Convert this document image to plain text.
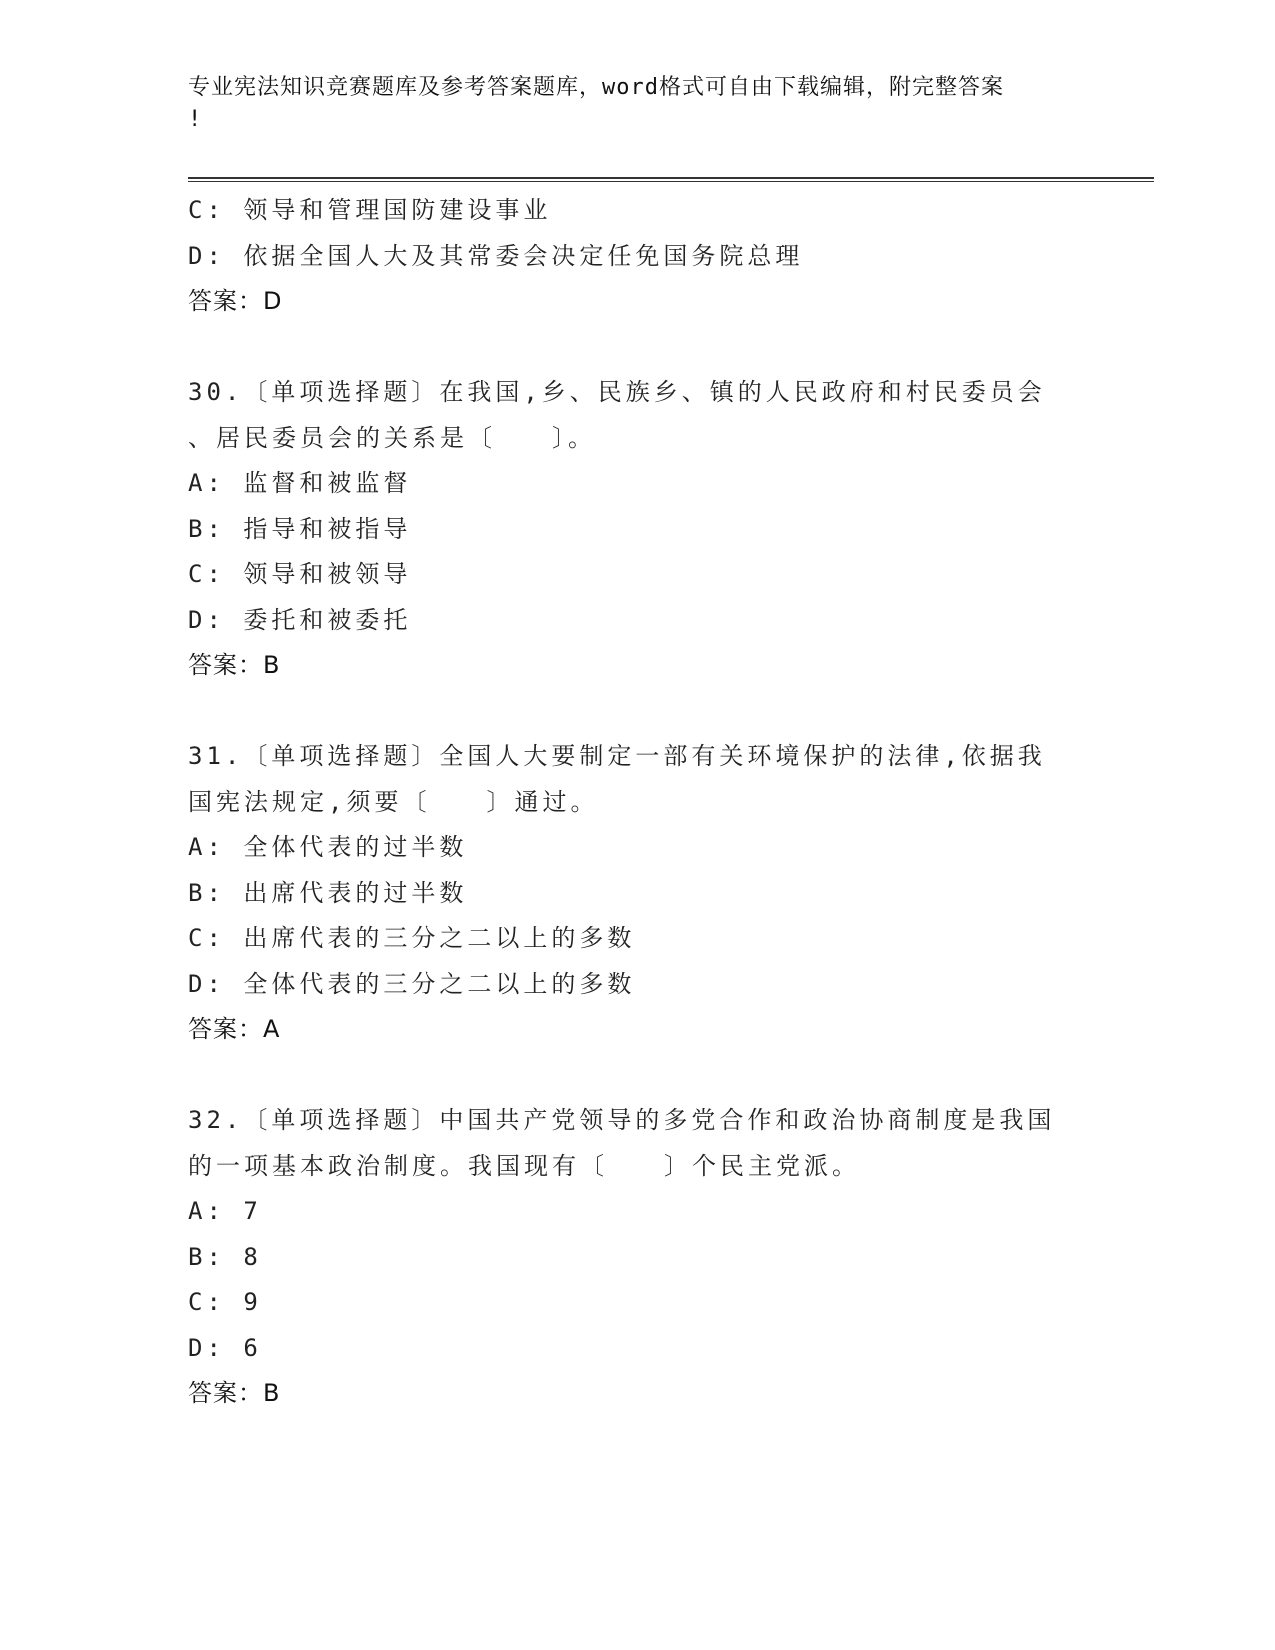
专业宪法知识竞赛题库及参考答案题库，word格式可自由下载编辑，附完整答案
!
C: 领导和管理国防建设事业
D: 依据全国人大及其常委会决定任免国务院总理
答案：D
30.〔单项选择题〕在我国,乡、民族乡、镇的人民政府和村民委员会
、居民委员会的关系是〔　　〕。
A: 监督和被监督
B: 指导和被指导
C: 领导和被领导
D: 委托和被委托
答案：B
31.〔单项选择题〕全国人大要制定一部有关环境保护的法律,依据我
国宪法规定,须要〔　　〕通过。
A: 全体代表的过半数
B: 出席代表的过半数
C: 出席代表的三分之二以上的多数
D: 全体代表的三分之二以上的多数
答案：A
32.〔单项选择题〕中国共产党领导的多党合作和政治协商制度是我国
的一项基本政治制度。我国现有〔　　〕个民主党派。
A: 7
B: 8
C: 9
D: 6
答案：B
